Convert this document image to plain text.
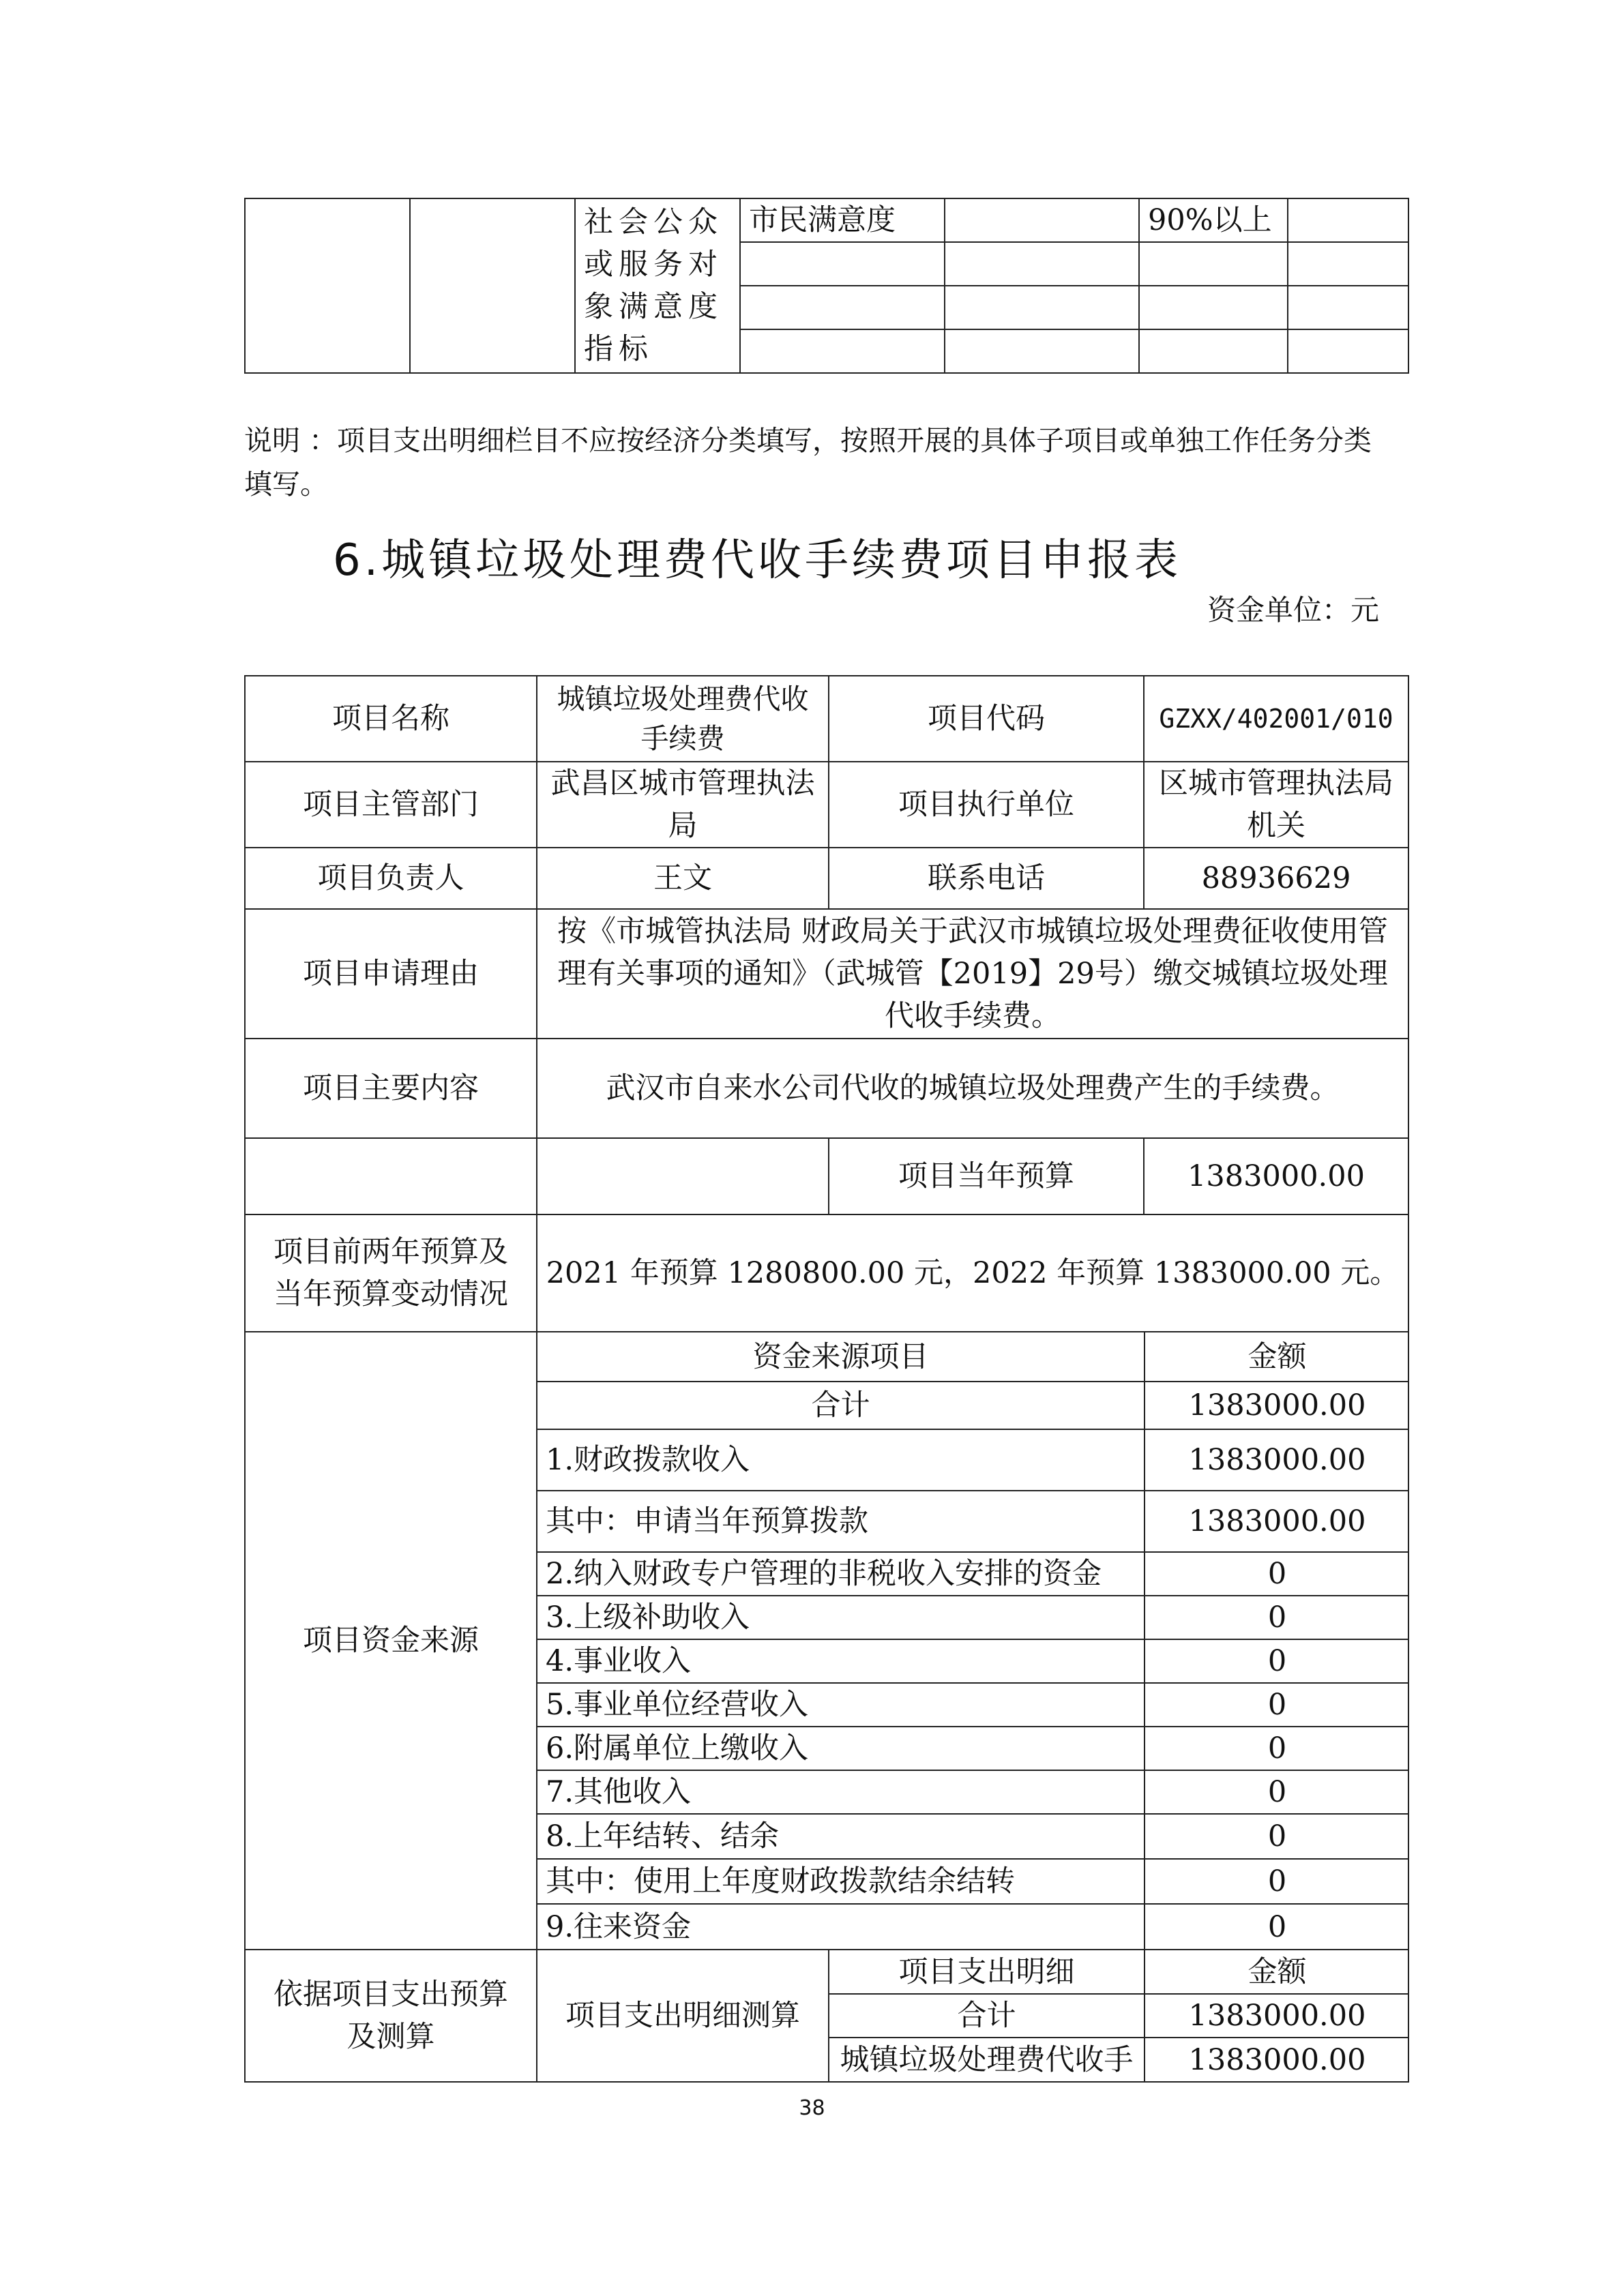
		社会公众或服务对象满意度指标	市民满意度		90%以上	

说明 ：项目支出明细栏目不应按经济分类填写，按照开展的具体子项目或单独工作任务分类填写。
6.城镇垃圾处理费代收手续费项目申报表
资金单位：元
项目名称	城镇垃圾处理费代收手续费	项目代码	GZXX/402001/010
项目主管部门	武昌区城市管理执法局	项目执行单位	区城市管理执法局机关
项目负责人	王文	联系电话	88936629
项目申请理由	按《市城管执法局 财政局关于武汉市城镇垃圾处理费征收使用管理有关事项的通知》（武城管【2019】29号）缴交城镇垃圾处理代收手续费。
项目主要内容	武汉市自来水公司代收的城镇垃圾处理费产生的手续费。
		项目当年预算	1383000.00
项目前两年预算及当年预算变动情况	2021 年预算 1280800.00 元，2022 年预算 1383000.00 元。
项目资金来源	
资金来源项目	金额
合计	1383000.00
1.财政拨款收入	1383000.00
其中：申请当年预算拨款	1383000.00
2.纳入财政专户管理的非税收入安排的资金	0
3.上级补助收入	0
4.事业收入	0
5.事业单位经营收入	0
6.附属单位上缴收入	0
7.其他收入	0
8.上年结转、结余	0
其中：使用上年度财政拨款结余结转	0
9.往来资金	0

依据项目支出预算及测算	项目支出明细测算	
项目支出明细	金额
合计	1383000.00
城镇垃圾处理费代收手	1383000.00
38
